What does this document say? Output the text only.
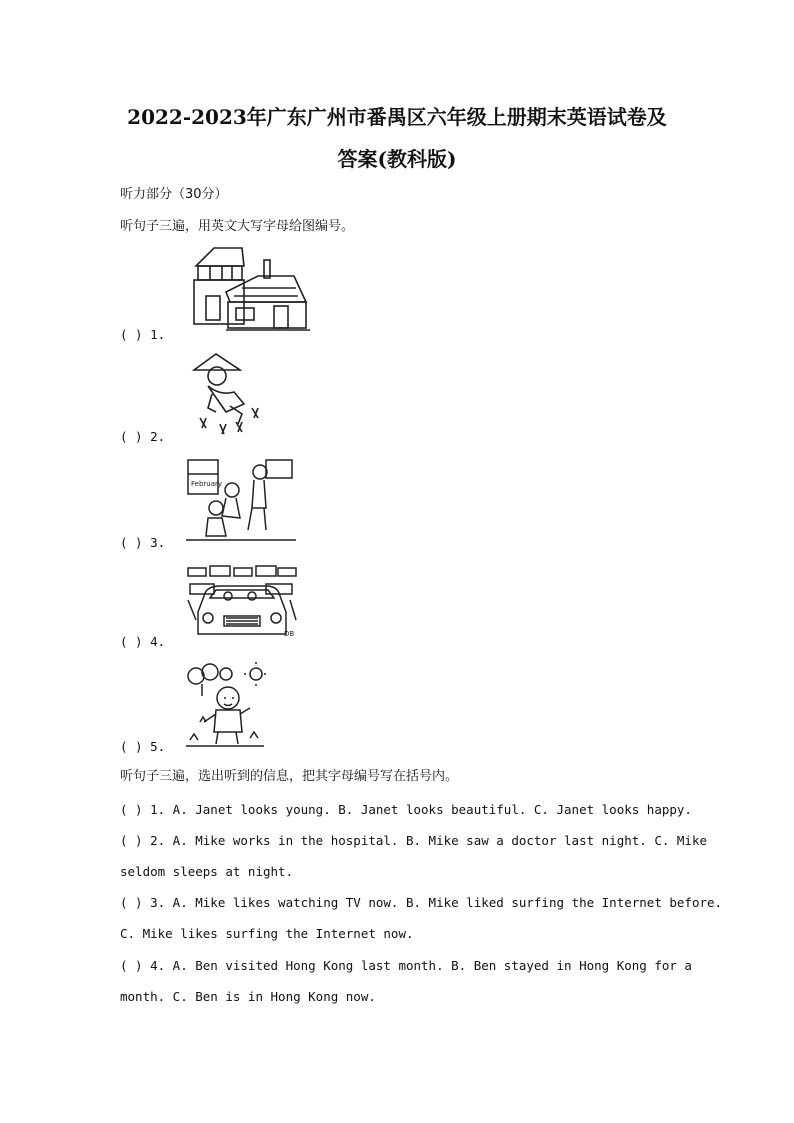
2022-2023年广东广州市番禺区六年级上册期末英语试卷及
答案(教科版)
听力部分（30分）
听句子三遍，用英文大写字母给图编号。
( ) 1.
( ) 2.
February
( ) 3.
DB
( ) 4.
( ) 5.
听句子三遍，选出听到的信息，把其字母编号写在括号内。
( ) 1. A. Janet looks young. B. Janet looks beautiful. C. Janet looks happy.
( ) 2. A. Mike works in the hospital. B. Mike saw a doctor last night. C. Mike
seldom sleeps at night.
( ) 3. A. Mike likes watching TV now. B. Mike liked surfing the Internet before.
C. Mike likes surfing the Internet now.
( ) 4. A. Ben visited Hong Kong last month. B. Ben stayed in Hong Kong for a
month. C. Ben is in Hong Kong now.
